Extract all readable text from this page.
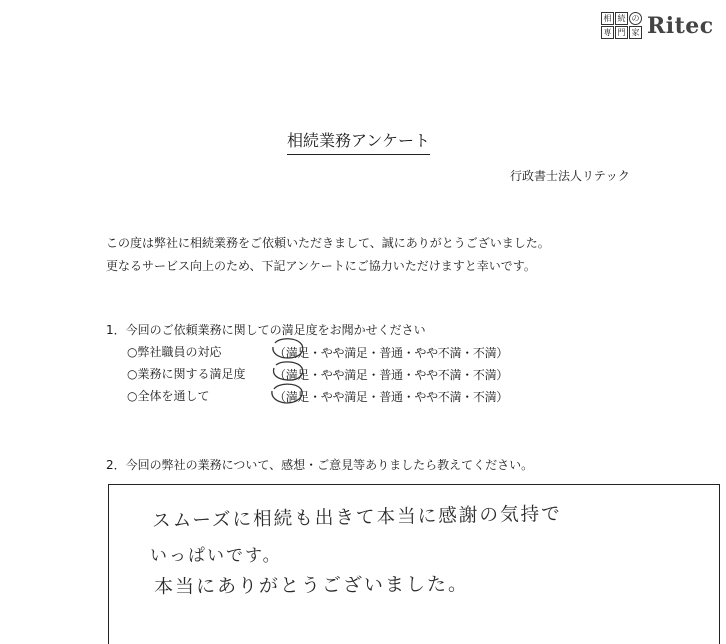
相 続 の
専 門 家 Ritec
相続業務アンケート
行政書士法人リテック
この度は弊社に相続業務をご依頼いただきまして、誠にありがとうございました。
更なるサービス向上のため、下記アンケートにご協力いただけますと幸いです。
1．今回のご依頼業務に関しての満足度をお聞かせください
○弊社職員の対応	（満足・やや満足・普通・やや不満・不満）
○業務に関する満足度 （満足・やや満足・普通・やや不満・不満）
○全体を通して	（満足・やや満足・普通・やや不満・不満）
2．今回の弊社の業務について、感想・ご意見等ありましたら教えてください。
スムーズに相続も出きて本当に感謝の気持で
いっぱいです。
本当にありがとうございました。
